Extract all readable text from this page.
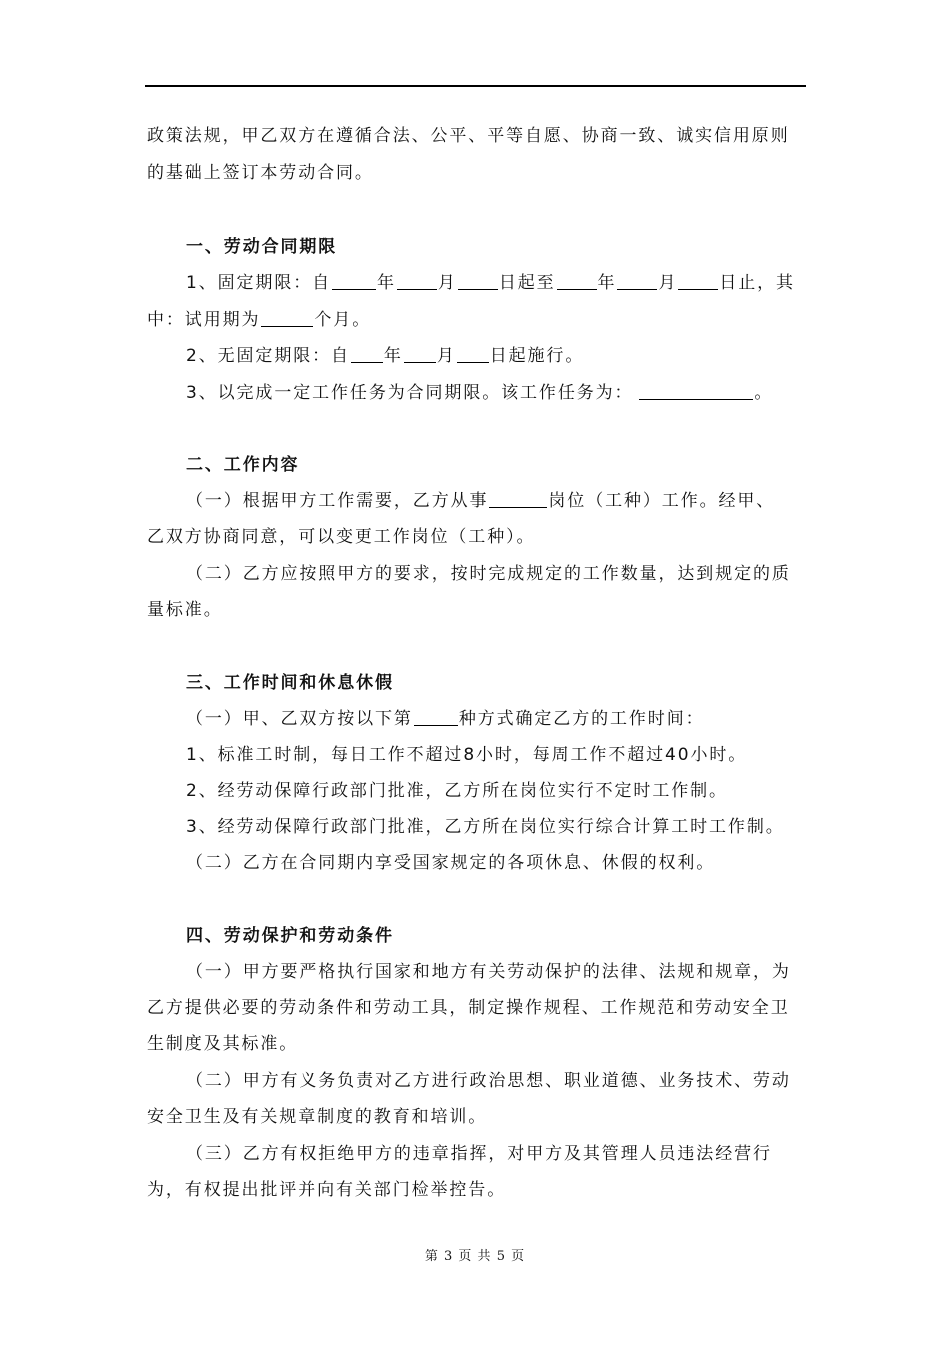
政策法规，甲乙双方在遵循合法、公平、平等自愿、协商一致、诚实信用原则
的基础上签订本劳动合同。
一、劳动合同期限
1、固定期限：自	年 月 日起至 年 月 日止，其
中：试用期为	个月。
2、无固定期限：自 年 月 日起施行。
3、以完成一定工作任务为合同期限。该工作任务为：	。
二、工作内容
（一）根据甲方工作需要，乙方从事	岗位（工种）工作。经甲、
乙双方协商同意，可以变更工作岗位（工种）。
（二）乙方应按照甲方的要求，按时完成规定的工作数量，达到规定的质
量标准。
三、工作时间和休息休假
（一）甲、乙双方按以下第	种方式确定乙方的工作时间：
1、标准工时制，每日工作不超过8小时，每周工作不超过40小时。
2、经劳动保障行政部门批准，乙方所在岗位实行不定时工作制。
3、经劳动保障行政部门批准，乙方所在岗位实行综合计算工时工作制。
（二）乙方在合同期内享受国家规定的各项休息、休假的权利。
四、劳动保护和劳动条件
（一）甲方要严格执行国家和地方有关劳动保护的法律、法规和规章，为
乙方提供必要的劳动条件和劳动工具，制定操作规程、工作规范和劳动安全卫
生制度及其标准。
（二）甲方有义务负责对乙方进行政治思想、职业道德、业务技术、劳动
安全卫生及有关规章制度的教育和培训。
（三）乙方有权拒绝甲方的违章指挥，对甲方及其管理人员违法经营行
为，有权提出批评并向有关部门检举控告。
第 3 页 共 5 页
